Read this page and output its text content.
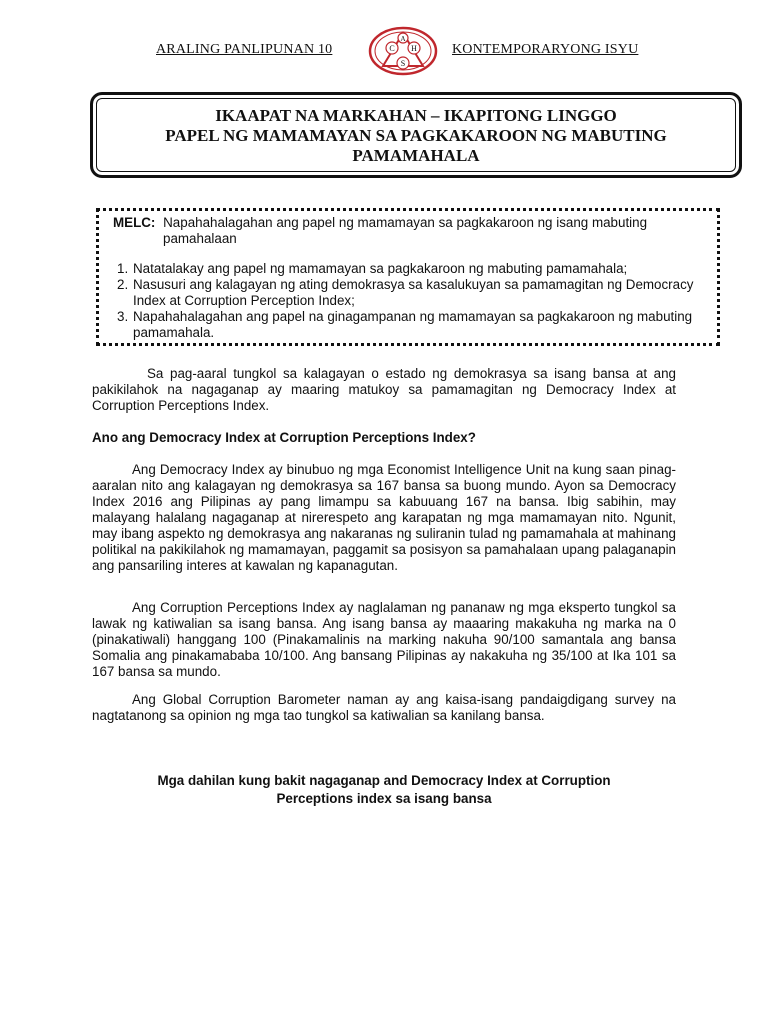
ARALING PANLIPUNAN 10	C
A
H
S
KONTEMPORARYONG ISYU
IKAAPAT NA MARKAHAN – IKAPITONG LINGGO
PAPEL NG MAMAMAYAN SA PAGKAKAROON NG MABUTING
PAMAMAHALA
MELC: Napahahalagahan ang papel ng mamamayan sa pagkakaroon ng isang mabuting
pamahalaan
1. Natatalakay ang papel ng mamamayan sa pagkakaroon ng mabuting pamamahala;
2. Nasusuri ang kalagayan ng ating demokrasya sa kasalukuyan sa pamamagitan ng Democracy Index at Corruption Perception Index;
3. Napahahalagahan ang papel na ginagampanan ng mamamayan sa pagkakaroon ng mabuting pamamahala.

Sa pag-aaral tungkol sa kalagayan o estado ng demokrasya sa isang bansa at ang pakikilahok na nagaganap ay maaring matukoy sa pamamagitan ng Democracy Index at Corruption Perceptions Index.

Ano ang Democracy Index at Corruption Perceptions Index?

Ang Democracy Index ay binubuo ng mga Economist Intelligence Unit na kung saan pinag-aaralan nito ang kalagayan ng demokrasya sa 167 bansa sa buong mundo. Ayon sa Democracy Index 2016 ang Pilipinas ay pang limampu sa kabuuang 167 na bansa. Ibig sabihin, may malayang halalang nagaganap at nirerespeto ang karapatan ng mga mamamayan nito. Ngunit, may ibang aspekto ng demokrasya ang nakaranas ng suliranin tulad ng pamamahala at mahinang politikal na pakikilahok ng mamamayan, paggamit sa posisyon sa pamahalaan upang palaganapin ang pansariling interes at kawalan ng kapanagutan.

Ang Corruption Perceptions Index ay naglalaman ng pananaw ng mga eksperto tungkol sa lawak ng katiwalian sa isang bansa. Ang isang bansa ay maaaring makakuha ng marka na 0 (pinakatiwali) hanggang 100 (Pinakamalinis na marking nakuha 90/100 samantala ang bansa Somalia ang pinakamababa 10/100. Ang bansang Pilipinas ay nakakuha ng 35/100 at Ika 101 sa 167 bansa sa mundo.

Ang Global Corruption Barometer naman ay ang kaisa-isang pandaigdigang survey na nagtatanong sa opinion ng mga tao tungkol sa katiwalian sa kanilang bansa.

Mga dahilan kung bakit nagaganap and Democracy Index at Corruption
Perceptions index sa isang bansa
